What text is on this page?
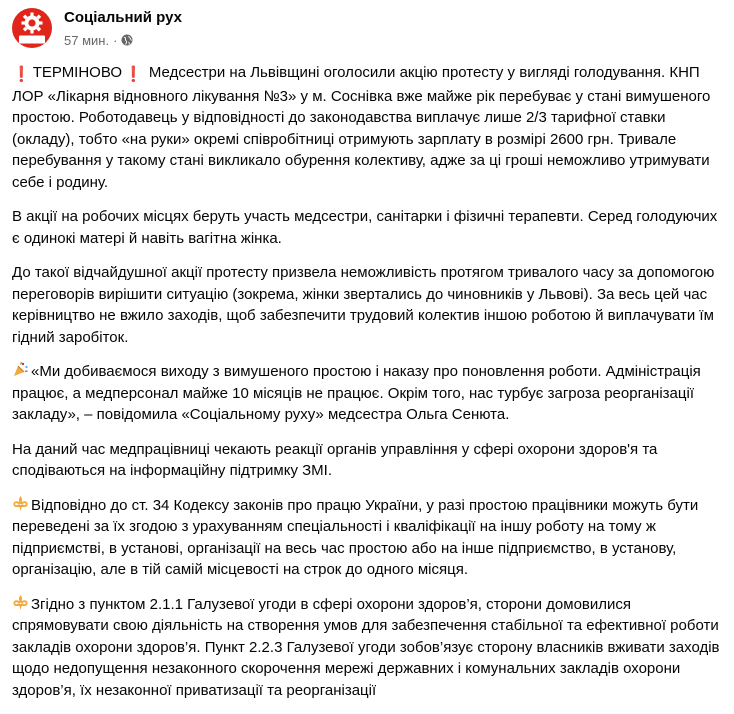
Соціальний рух
57 мин. ·

❗ ТЕРМІНОВО ❗ Медсестри на Львівщині оголосили акцію протесту у вигляді голодування. КНП ЛОР «Лікарня відновного лікування №3» у м. Соснівка вже майже рік перебуває у стані вимушеного простою. Роботодавець у відповідності до законодавства виплачує лише 2/3 тарифної ставки (окладу), тобто «на руки» окремі співробітниці отримують зарплату в розмірі 2600 грн. Тривале перебування у такому стані викликало обурення колективу, адже за ці гроші неможливо утримувати себе і родину.

В акції на робочих місцях беруть участь медсестри, санітарки і фізичні терапевти. Серед голодуючих є одинокі матері й навіть вагітна жінка.

До такої відчайдушної акції протесту призвела неможливість протягом тривалого часу за допомогою переговорів вирішити ситуацію (зокрема, жінки звертались до чиновників у Львові). За весь цей час керівництво не вжило заходів, щоб забезпечити трудовий колектив іншою роботою й виплачувати їм гідний заробіток.

«Ми добиваємося виходу з вимушеного простою і наказу про поновлення роботи. Адміністрація працює, а медперсонал майже 10 місяців не працює. Окрім того, нас турбує загроза реорганізації закладу», – повідомила «Соціальному руху» медсестра Ольга Сенюта.

На даний час медпрацівниці чекають реакції органів управління у сфері охорони здоров'я та сподіваються на інформаційну підтримку ЗМІ.

Відповідно до ст. 34 Кодексу законів про працю України, у разі простою працівники можуть бути переведені за їх згодою з урахуванням спеціальності і кваліфікації на іншу роботу на тому ж підприємстві, в установі, організації на весь час простою або на інше підприємство, в установу, організацію, але в тій самій місцевості на строк до одного місяця.

Згідно з пунктом 2.1.1 Галузевої угоди в сфері охорони здоров’я, сторони домовилися спрямовувати свою діяльність на створення умов для забезпечення стабільної та ефективної роботи закладів охорони здоров’я. Пункт 2.2.3 Галузевої угоди зобов’язує сторону власників вживати заходів щодо недопущення незаконного скорочення мережі державних і комунальних закладів охорони здоров’я, їх незаконної приватизації та реорганізації
